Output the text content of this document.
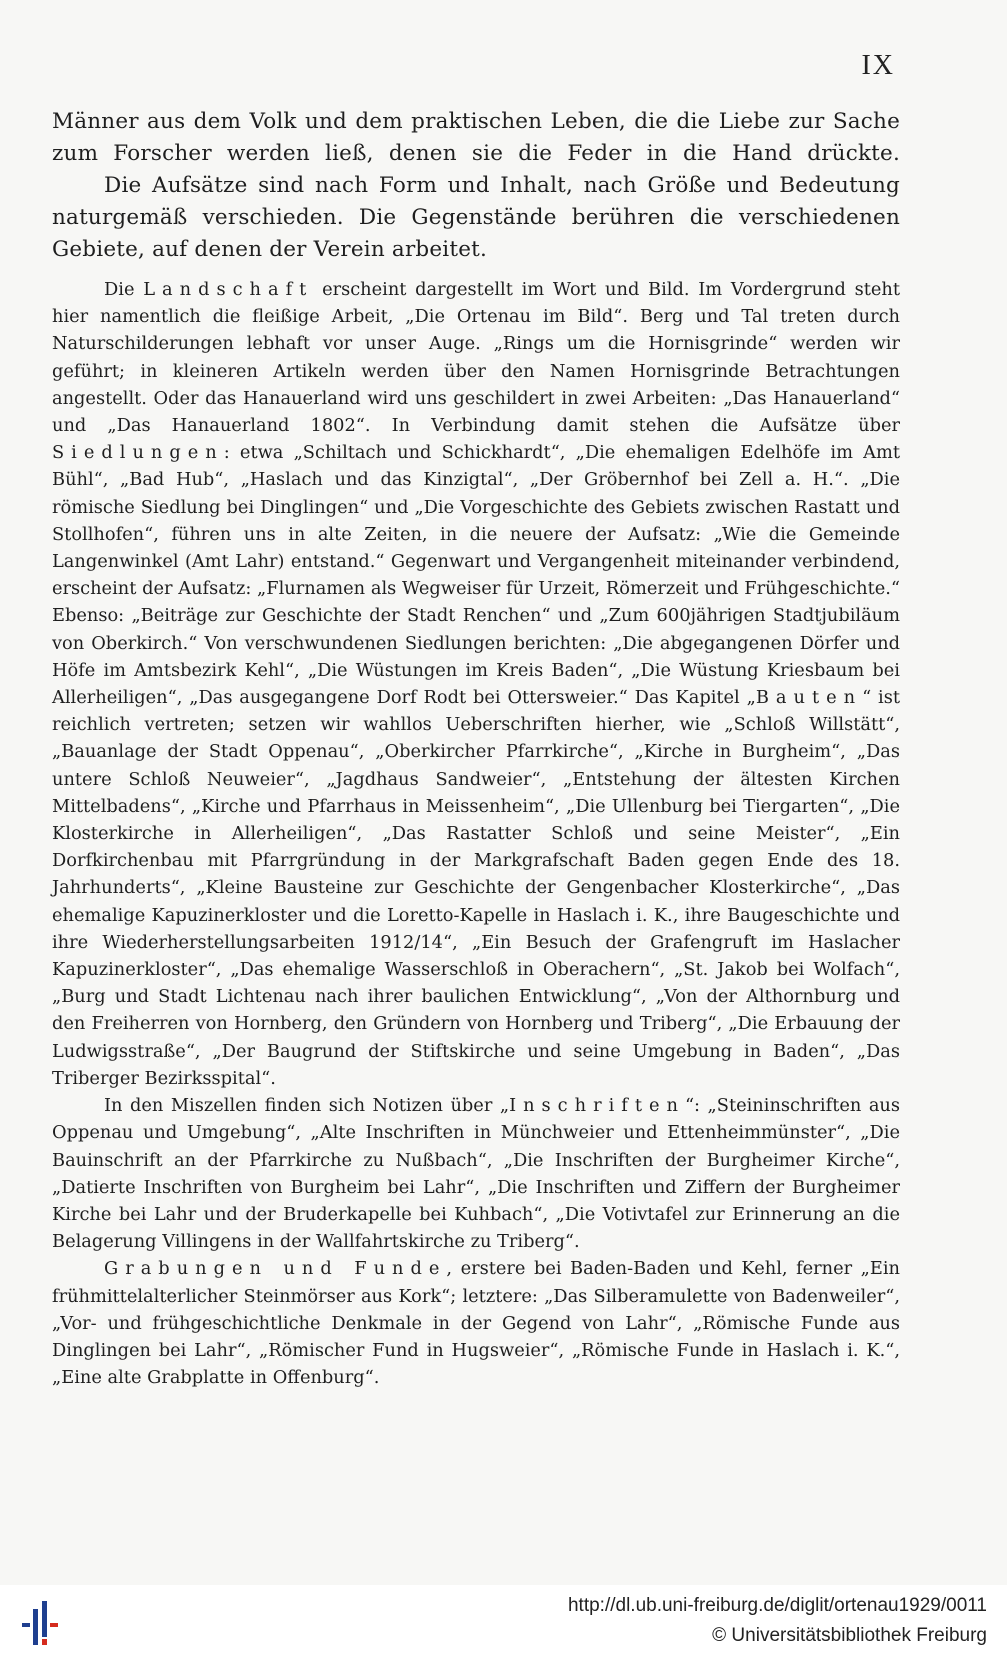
IX

Männer aus dem Volk und dem praktischen Leben, die die Liebe zur Sache zum Forscher werden ließ, denen sie die Feder in die Hand drückte.

Die Aufsätze sind nach Form und Inhalt, nach Größe und Bedeutung naturgemäß verschieden. Die Gegenstände berühren die verschiedenen Gebiete, auf denen der Verein arbeitet.

Die Landschaft erscheint dargestellt im Wort und Bild. Im Vordergrund steht hier namentlich die fleißige Arbeit, „Die Ortenau im Bild“. Berg und Tal treten durch Naturschilderungen lebhaft vor unser Auge. „Rings um die Hornisgrinde“ werden wir geführt; in kleineren Artikeln werden über den Namen Hornisgrinde Betrachtungen angestellt. Oder das Hanauerland wird uns geschildert in zwei Arbeiten: „Das Hanauerland“ und „Das Hanauerland 1802“. In Verbindung damit stehen die Aufsätze über Siedlungen: etwa „Schiltach und Schickhardt“, „Die ehemaligen Edelhöfe im Amt Bühl“, „Bad Hub“, „Haslach und das Kinzigtal“, „Der Gröbernhof bei Zell a. H.“. „Die römische Siedlung bei Dinglingen“ und „Die Vorgeschichte des Gebiets zwischen Rastatt und Stollhofen“, führen uns in alte Zeiten, in die neuere der Aufsatz: „Wie die Gemeinde Langenwinkel (Amt Lahr) entstand.“ Gegenwart und Vergangenheit miteinander verbindend, erscheint der Aufsatz: „Flurnamen als Wegweiser für Urzeit, Römerzeit und Frühgeschichte.“ Ebenso: „Beiträge zur Geschichte der Stadt Renchen“ und „Zum 600jährigen Stadtjubiläum von Oberkirch.“ Von verschwundenen Siedlungen berichten: „Die abgegangenen Dörfer und Höfe im Amtsbezirk Kehl“, „Die Wüstungen im Kreis Baden“, „Die Wüstung Kriesbaum bei Allerheiligen“, „Das ausgegangene Dorf Rodt bei Ottersweier.“ Das Kapitel „Bauten“ ist reichlich vertreten; setzen wir wahllos Ueberschriften hierher, wie „Schloß Willstätt“, „Bauanlage der Stadt Oppenau“, „Oberkircher Pfarrkirche“, „Kirche in Burgheim“, „Das untere Schloß Neuweier“, „Jagdhaus Sandweier“, „Entstehung der ältesten Kirchen Mittelbadens“, „Kirche und Pfarrhaus in Meissenheim“, „Die Ullenburg bei Tiergarten“, „Die Klosterkirche in Allerheiligen“, „Das Rastatter Schloß und seine Meister“, „Ein Dorfkirchenbau mit Pfarrgründung in der Markgrafschaft Baden gegen Ende des 18. Jahrhunderts“, „Kleine Bausteine zur Geschichte der Gengenbacher Klosterkirche“, „Das ehemalige Kapuzinerkloster und die Loretto-Kapelle in Haslach i. K., ihre Baugeschichte und ihre Wiederherstellungsarbeiten 1912/14“, „Ein Besuch der Grafengruft im Haslacher Kapuzinerkloster“, „Das ehemalige Wasserschloß in Oberachern“, „St. Jakob bei Wolfach“, „Burg und Stadt Lichtenau nach ihrer baulichen Entwicklung“, „Von der Althornburg und den Freiherren von Hornberg, den Gründern von Hornberg und Triberg“, „Die Erbauung der Ludwigsstraße“, „Der Baugrund der Stiftskirche und seine Umgebung in Baden“, „Das Triberger Bezirksspital“.

In den Miszellen finden sich Notizen über „Inschriften“: „Steininschriften aus Oppenau und Umgebung“, „Alte Inschriften in Münchweier und Ettenheimmünster“, „Die Bauinschrift an der Pfarrkirche zu Nußbach“, „Die Inschriften der Burgheimer Kirche“, „Datierte Inschriften von Burgheim bei Lahr“, „Die Inschriften und Ziffern der Burgheimer Kirche bei Lahr und der Bruderkapelle bei Kuhbach“, „Die Votivtafel zur Erinnerung an die Belagerung Villingens in der Wallfahrtskirche zu Triberg“.

Grabungen und Funde, erstere bei Baden-Baden und Kehl, ferner „Ein frühmittelalterlicher Steinmörser aus Kork“; letztere: „Das Silberamulette von Badenweiler“, „Vor- und frühgeschichtliche Denkmale in der Gegend von Lahr“, „Römische Funde aus Dinglingen bei Lahr“, „Römischer Fund in Hugsweier“, „Römische Funde in Haslach i. K.“, „Eine alte Grabplatte in Offenburg“.

http://dl.ub.uni-freiburg.de/diglit/ortenau1929/0011
© Universitätsbibliothek Freiburg
